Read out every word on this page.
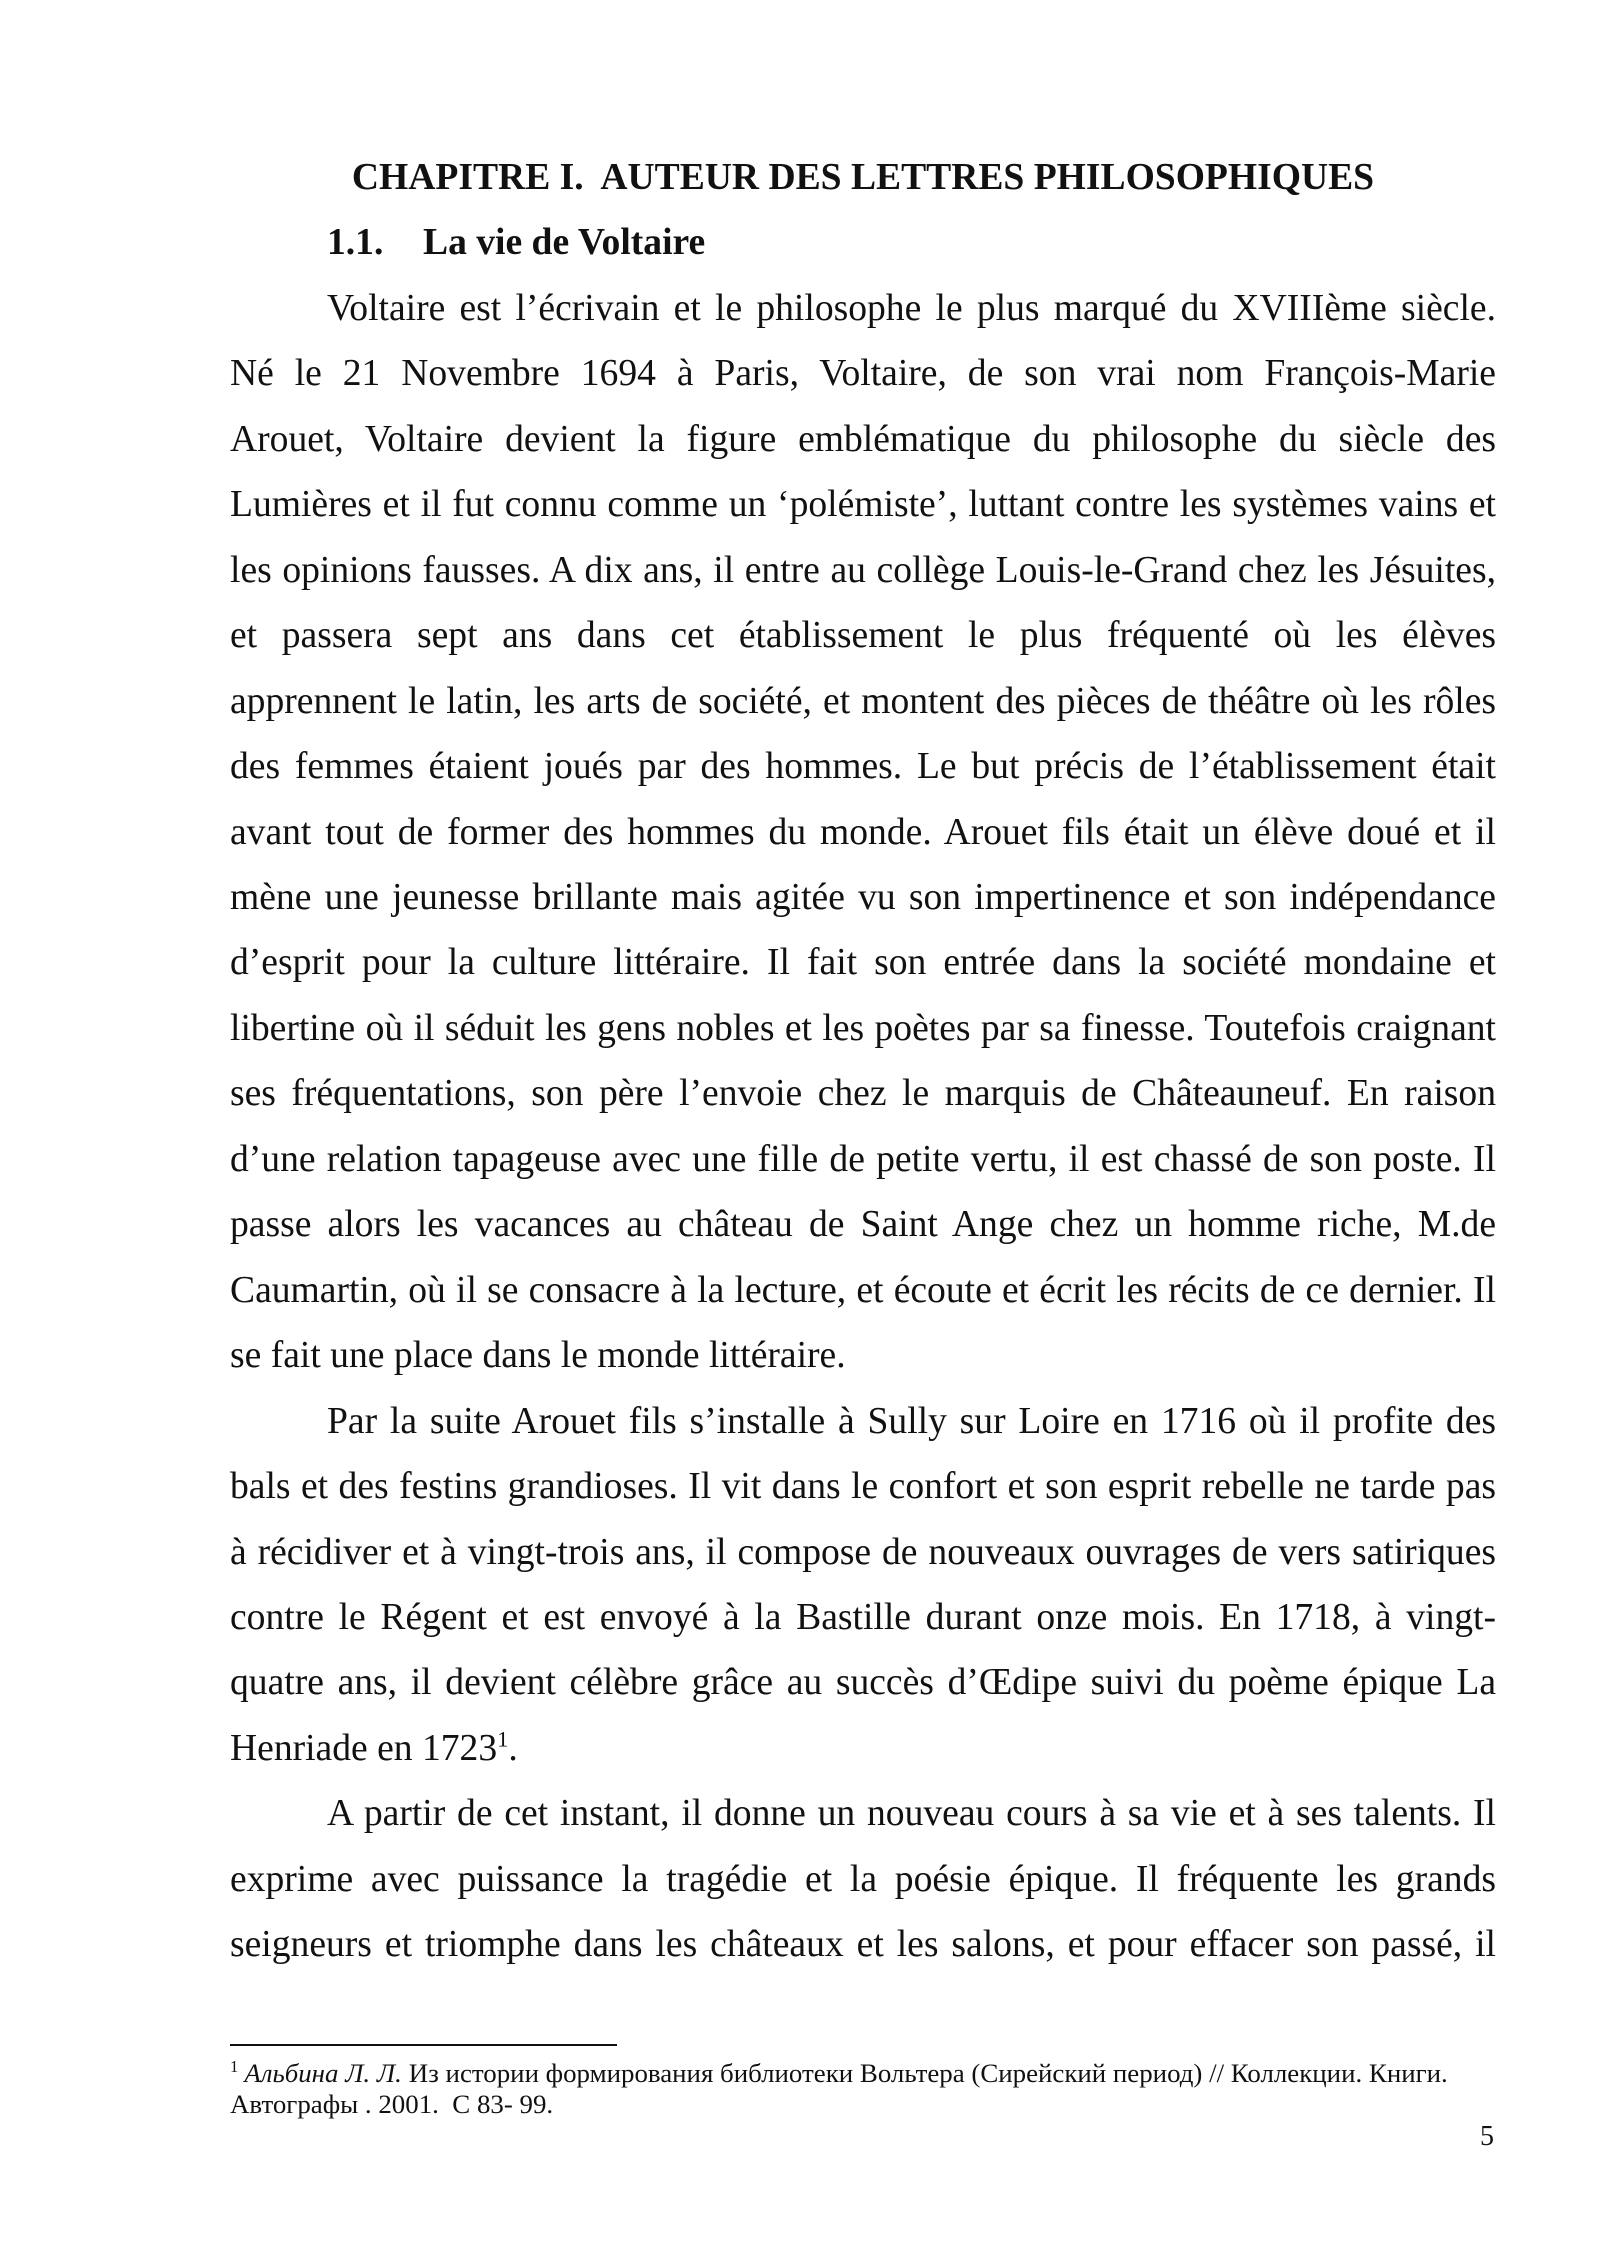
CHAPITRE I.  AUTEUR DES LETTRES PHILOSOPHIQUES
1.1. La vie de Voltaire
Voltaire est l’écrivain et le philosophe le plus marqué du XVIIIème siècle.
Né le 21 Novembre 1694 à Paris, Voltaire, de son vrai nom François-Marie
Arouet, Voltaire devient la figure emblématique du philosophe du siècle des
Lumières et il fut connu comme un ‘polémiste’, luttant contre les systèmes vains et
les opinions fausses. A dix ans, il entre au collège Louis-le-Grand chez les Jésuites,
et passera sept ans dans cet établissement le plus fréquenté où les élèves
apprennent le latin, les arts de société, et montent des pièces de théâtre où les rôles
des femmes étaient joués par des hommes. Le but précis de l’établissement était
avant tout de former des hommes du monde. Arouet fils était un élève doué et il
mène une jeunesse brillante mais agitée vu son impertinence et son indépendance
d’esprit pour la culture littéraire. Il fait son entrée dans la société mondaine et
libertine où il séduit les gens nobles et les poètes par sa finesse. Toutefois craignant
ses fréquentations, son père l’envoie chez le marquis de Châteauneuf. En raison
d’une relation tapageuse avec une fille de petite vertu, il est chassé de son poste. Il
passe alors les vacances au château de Saint Ange chez un homme riche, M.de
Caumartin, où il se consacre à la lecture, et écoute et écrit les récits de ce dernier. Il
se fait une place dans le monde littéraire.
Par la suite Arouet fils s’installe à Sully sur Loire en 1716 où il profite des
bals et des festins grandioses. Il vit dans le confort et son esprit rebelle ne tarde pas
à récidiver et à vingt-trois ans, il compose de nouveaux ouvrages de vers satiriques
contre le Régent et est envoyé à la Bastille durant onze mois. En 1718, à vingt-
quatre ans, il devient célèbre grâce au succès d’Œdipe suivi du poème épique La
Henriade en 1723$^1$.
A partir de cet instant, il donne un nouveau cours à sa vie et à ses talents. Il
exprime avec puissance la tragédie et la poésie épique. Il fréquente les grands
seigneurs et triomphe dans les châteaux et les salons, et pour effacer son passé, il
$^1$ Альбина Л. Л. Из истории формирования библиотеки Вольтера (Сирейский период) // Коллекции. Книги.
Автографы . 2001.  С 83- 99.
5
